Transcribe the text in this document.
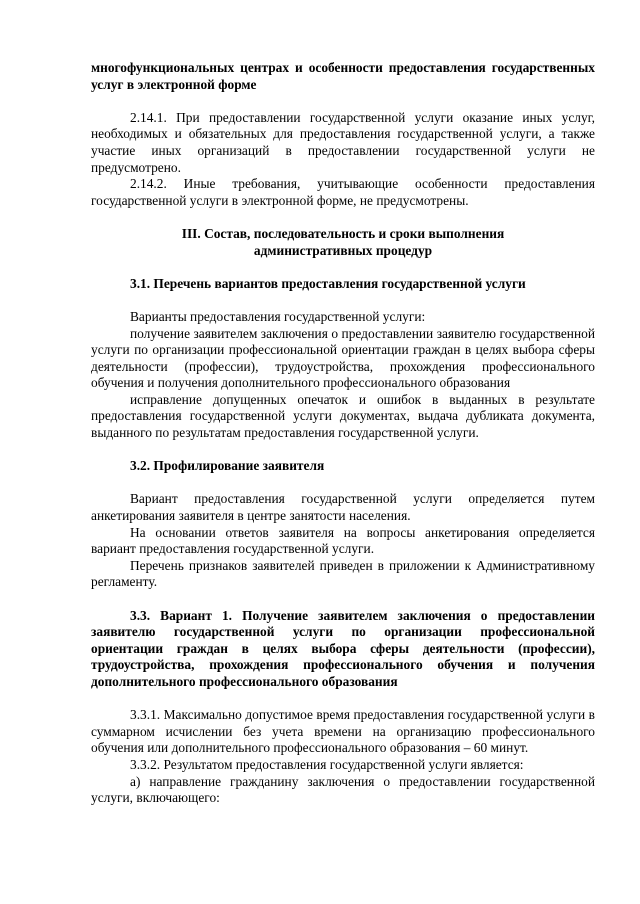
многофункциональных центрах и особенности предоставления государственных услуг в электронной форме

2.14.1. При предоставлении государственной услуги оказание иных услуг, необходимых и обязательных для предоставления государственной услуги, а также участие иных организаций в предоставлении государственной услуги не предусмотрено.

2.14.2. Иные требования, учитывающие особенности предоставления государственной услуги в электронной форме, не предусмотрены.

III. Состав, последовательность и сроки выполнения

административных процедур

3.1. Перечень вариантов предоставления государственной услуги

Варианты предоставления государственной услуги:

получение заявителем заключения о предоставлении заявителю государственной услуги по организации профессиональной ориентации граждан в целях выбора сферы деятельности (профессии), трудоустройства, прохождения профессионального обучения и получения дополнительного профессионального образования

исправление допущенных опечаток и ошибок в выданных в результате предоставления государственной услуги документах, выдача дубликата документа, выданного по результатам предоставления государственной услуги.

3.2. Профилирование заявителя

Вариант предоставления государственной услуги определяется путем анкетирования заявителя в центре занятости населения.

На основании ответов заявителя на вопросы анкетирования определяется вариант предоставления государственной услуги.

Перечень признаков заявителей приведен в приложении к Административному регламенту.

3.3. Вариант 1. Получение заявителем заключения о предоставлении заявителю государственной услуги по организации профессиональной ориентации граждан в целях выбора сферы деятельности (профессии), трудоустройства, прохождения профессионального обучения и получения дополнительного профессионального образования

3.3.1. Максимально допустимое время предоставления государственной услуги в суммарном исчислении без учета времени на организацию профессионального обучения или дополнительного профессионального образования – 60 минут.

3.3.2. Результатом предоставления государственной услуги является:

а) направление гражданину заключения о предоставлении государственной услуги, включающего:
